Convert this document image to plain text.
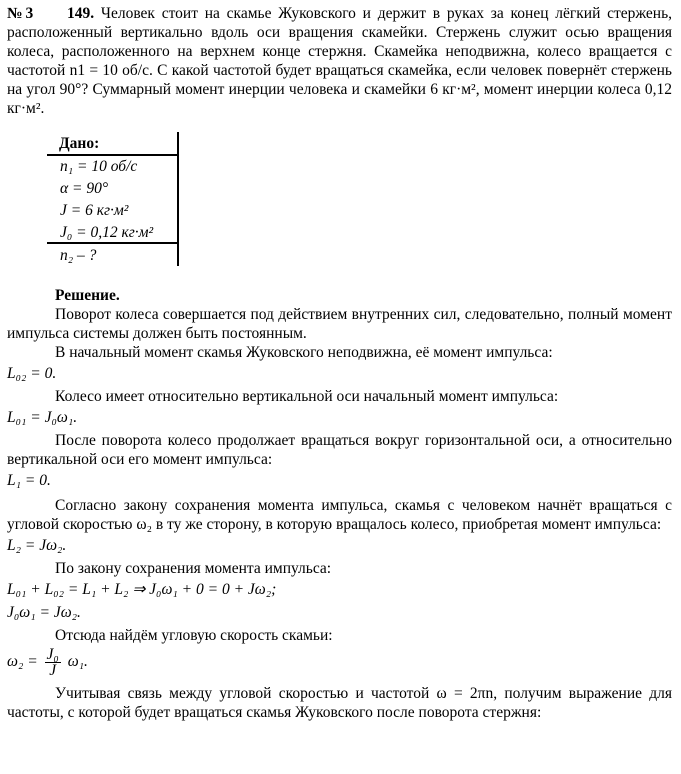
№3 149. Человек стоит на скамье Жуковского и держит в руках за конец лёгкий стержень, расположенный вертикально вдоль оси вращения скамейки. Стержень служит осью вращения колеса, расположенного на верхнем конце стержня. Скамейка неподвижна, колесо вращается с частотой n1 = 10 об/с. С какой частотой будет вращаться скамейка, если человек повернёт стержень на угол 90°? Суммарный момент инерции человека и скамейки 6 кг·м², момент инерции колеса 0,12 кг·м².

Дано:
n₁ = 10 об/с
α = 90°
J = 6 кг·м²
J₀ = 0,12 кг·м²
n₂ – ?
Решение.

Поворот колеса совершается под действием внутренних сил, следовательно, полный момент импульса системы должен быть постоянным.

В начальный момент скамья Жуковского неподвижна, её момент импульса:

L₀₂ = 0.

Колесо имеет относительно вертикальной оси начальный момент импульса:

L₀₁ = J₀ω₁.

После поворота колесо продолжает вращаться вокруг горизонтальной оси, а относительно вертикальной оси его момент импульса:

L₁ = 0.

Согласно закону сохранения момента импульса, скамья с человеком начнёт вращаться с угловой скоростью ω₂ в ту же сторону, в которую вращалось колесо, приобретая момент импульса:

L₂ = Jω₂.

По закону сохранения момента импульса:

L₀₁ + L₀₂ = L₁ + L₂ ⇒ J₀ω₁ + 0 = 0 + Jω₂;
J₀ω₁ = Jω₂.

Отсюда найдём угловую скорость скамьи:

$\omega_2 = \frac{\text{J₀}}{J} \omega_1$.

Учитывая связь между угловой скоростью и частотой ω = 2πn, получим выражение для частоты, с которой будет вращаться скамья Жуковского после поворота стержня:
